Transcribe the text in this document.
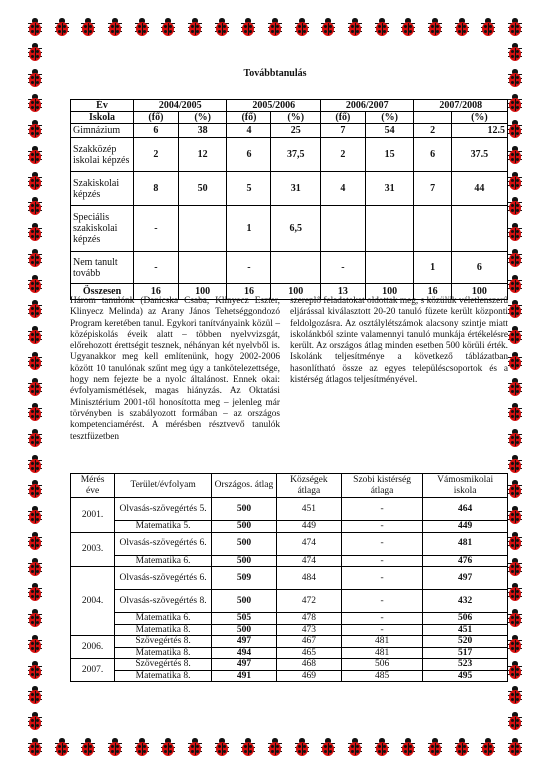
Továbbtanulás
Év	2004/2005		2005/2006		2006/2007		2007/2008	
Iskola	(fő)	(%)	(fő)	(%)	(fő)	(%)		(%)
Gimnázium	6	38	4	25	7	54	2	12.5
Szakközép iskolai képzés	2	12	6	37,5	2	15	6	37.5
Szakiskolai képzés	8	50	5	31	4	31	7	44
Speciális szakiskolai képzés	-		1	6,5				
Nem tanult tovább	-		-		-		1	6
Összesen	16	100	16	100	13	100	16	100
Három tanulónk (Danicska Csaba, Klinyecz Eszter, Klinyecz Melinda) az Arany János Tehetséggondozó Program keretében tanul. Egykori tanítványaink közül – középiskolás éveik alatt – többen nyelvvizsgát, előrehozott érettségit tesznek, néhányan két nyelvből is. Ugyanakkor meg kell említenünk, hogy 2002-2006 között 10 tanulónak szűnt meg úgy a tankötelezettsége, hogy nem fejezte be a nyolc általánost. Ennek okai: évfolyamismétlések, magas hiányzás. Az Oktatási Minisztérium 2001-től honosította meg – jelenleg már törvényben is szabályozott formában – az országos kompetenciamérést. A mérésben résztvevő tanulók tesztfüzetben
szereplő feladatokat oldottak meg, s közülük véletlenszerű eljárással kiválasztott 20-20 tanuló füzete került központi feldolgozásra. Az osztálylétszámok alacsony szintje miatt iskolánkból szinte valamennyi tanuló munkája értékelésre került. Az országos átlag minden esetben 500 körüli érték. Iskolánk teljesítménye a következő táblázatban hasonlítható össze az egyes településcsoportok és a kistérség átlagos teljesítményével.
Mérés éve	Terület/évfolyam	Országos. átlag	Községek átlaga	Szobi kistérség átlaga	Vámosmikolai iskola
2001.	Olvasás-szövegértés 5.	500	451	-	464
	Matematika 5.	500	449	-	449
2003.	Olvasás-szövegértés 6.	500	474	-	481
	Matematika 6.	500	474	-	476
2004.	Olvasás-szövegértés 6.	509	484	-	497
	Olvasás-szövegértés 8.	500	472	-	432
	Matematika 6.	505	478	-	506
	Matematika 8.	500	473	-	451
2006.	Szövegértés 8.	497	467	481	520
	Matematika 8.	494	465	481	517
2007.	Szövegértés 8.	497	468	506	523
	Matematika 8.	491	469	485	495
